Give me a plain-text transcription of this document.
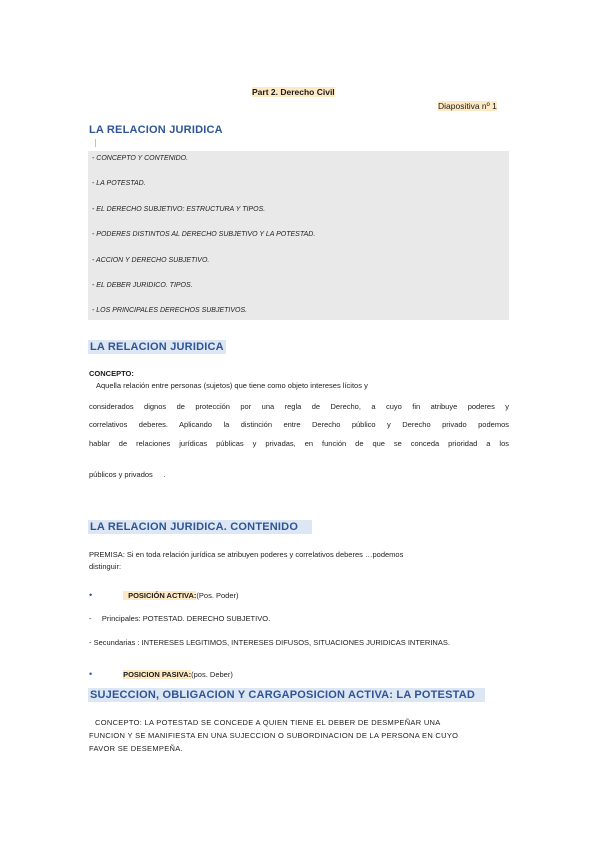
Part 2. Derecho Civil
Diapositiva nº 1
LA RELACION JURIDICA
- CONCEPTO Y CONTENIDO.
- LA POTESTAD.
- EL DERECHO SUBJETIVO: ESTRUCTURA Y TIPOS.
- PODERES DISTINTOS AL DERECHO SUBJETIVO Y LA POTESTAD.
- ACCION Y DERECHO SUBJETIVO.
- EL DEBER JURIDICO. TIPOS.
- LOS PRINCIPALES DERECHOS SUBJETIVOS.
LA RELACION JURIDICA
CONCEPTO:
Aquella relación entre personas (sujetos) que tiene como objeto intereses lícitos y
considerados dignos de protección por una regla de Derecho, a cuyo fin atribuye poderes y
correlativos deberes. Aplicando la distinción entre Derecho público y Derecho privado podemos
hablar de relaciones jurídicas públicas y privadas, en función de que se conceda prioridad a los
públicos y privados     .
LA RELACION JURIDICA. CONTENIDO
PREMISA: Si en toda relación jurídica se atribuyen poderes y correlativos deberes …podemos
distinguir:
•	POSICIÓN ACTIVA:(Pos. Poder)
-     Principales: POTESTAD. DERECHO SUBJETIVO.
- Secundarias : INTERESES LEGITIMOS, INTERESES DIFUSOS, SITUACIONES JURIDICAS INTERINAS.
•	POSICION PASIVA:(pos. Deber)
SUJECCION, OBLIGACION Y CARGAPOSICION ACTIVA: LA POTESTAD
CONCEPTO: LA POTESTAD SE CONCEDE A QUIEN TIENE EL DEBER DE DESMPEÑAR UNA
FUNCION Y SE MANIFIESTA EN UNA SUJECCION O SUBORDINACION DE LA PERSONA EN CUYO
FAVOR SE DESEMPEÑA.
